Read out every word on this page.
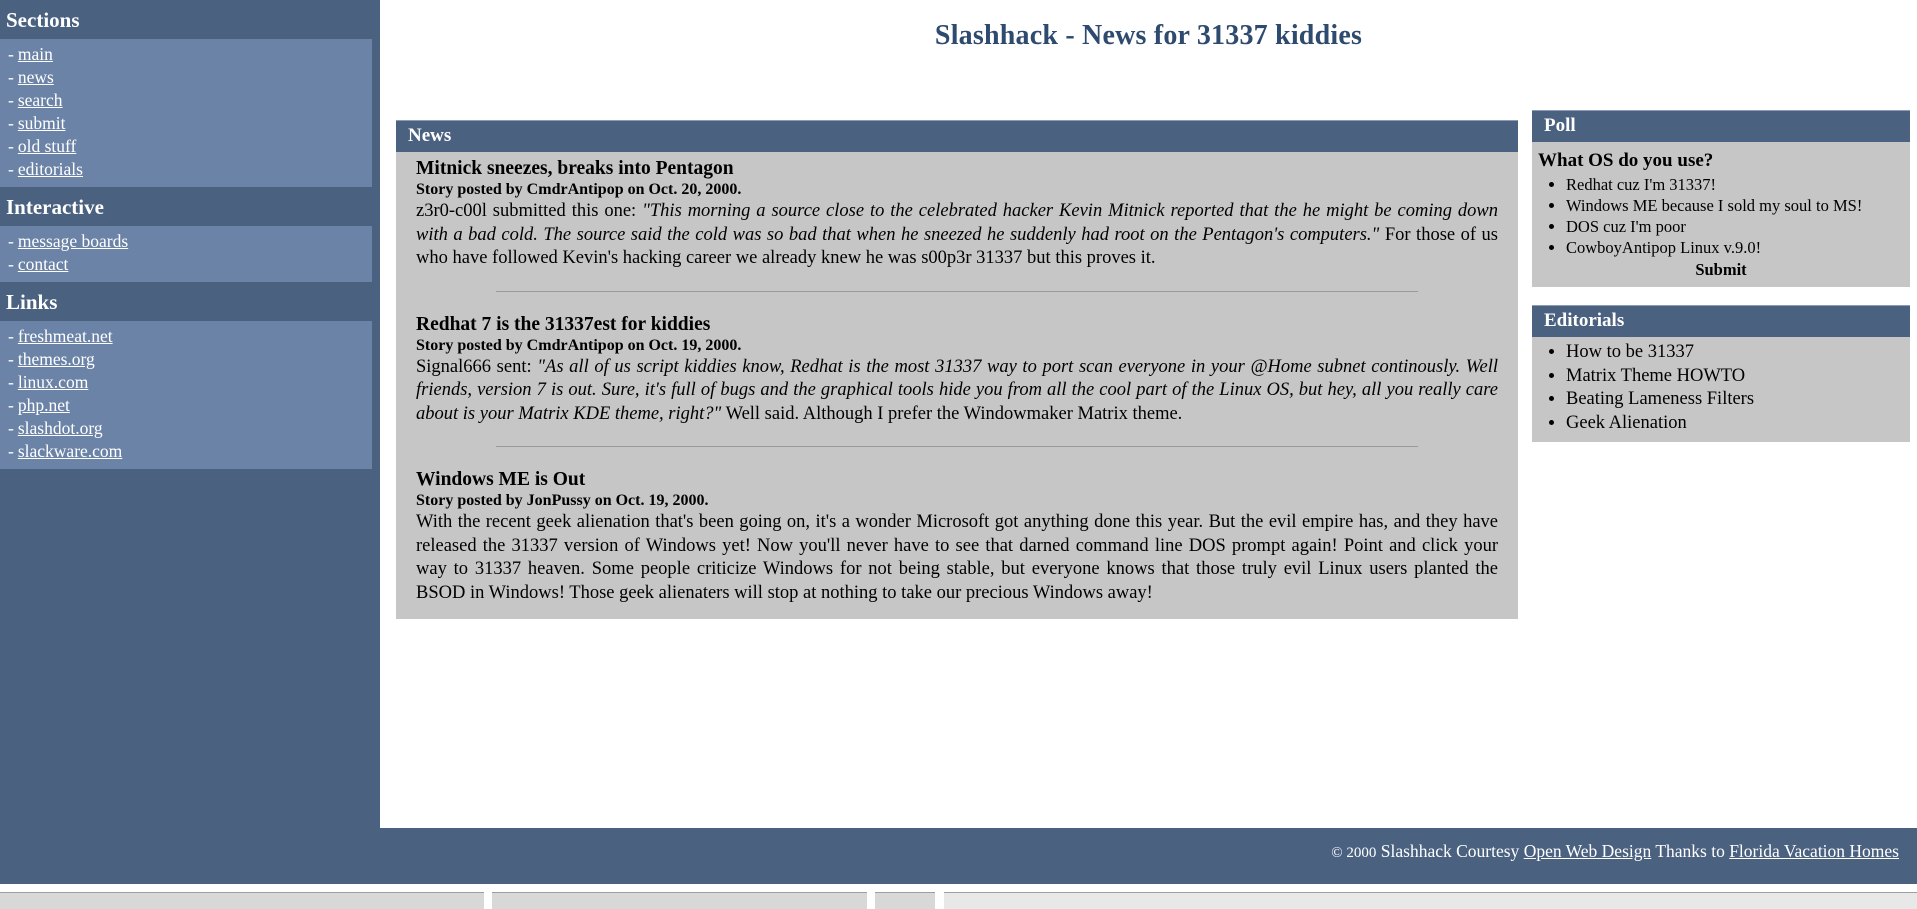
Sections
- main
- news
- search
- submit
- old stuff
- editorials
Interactive
- message boards
- contact
Links
- freshmeat.net
- themes.org
- linux.com
- php.net
- slashdot.org
- slackware.com
Slashhack - News for 31337 kiddies
News
Mitnick sneezes, breaks into Pentagon
Story posted by CmdrAntipop on Oct. 20, 2000.
z3r0-c00l submitted this one: "This morning a source close to the celebrated hacker Kevin Mitnick reported that the he might be coming down with a bad cold. The source said the cold was so bad that when he sneezed he suddenly had root on the Pentagon's computers." For those of us who have followed Kevin's hacking career we already knew he was s00p3r 31337 but this proves it.
Redhat 7 is the 31337est for kiddies
Story posted by CmdrAntipop on Oct. 19, 2000.
Signal666 sent: "As all of us script kiddies know, Redhat is the most 31337 way to port scan everyone in your @Home subnet continously. Well friends, version 7 is out. Sure, it's full of bugs and the graphical tools hide you from all the cool part of the Linux OS, but hey, all you really care about is your Matrix KDE theme, right?" Well said. Although I prefer the Windowmaker Matrix theme.
Windows ME is Out
Story posted by JonPussy on Oct. 19, 2000.
With the recent geek alienation that's been going on, it's a wonder Microsoft got anything done this year. But the evil empire has, and they have released the 31337 version of Windows yet! Now you'll never have to see that darned command line DOS prompt again! Point and click your way to 31337 heaven. Some people criticize Windows for not being stable, but everyone knows that those truly evil Linux users planted the BSOD in Windows! Those geek alienaters will stop at nothing to take our precious Windows away!
Poll
What OS do you use?
• Redhat cuz I'm 31337!
• Windows ME because I sold my soul to MS!
• DOS cuz I'm poor
• CowboyAntipop Linux v.9.0!
Submit
Editorials
• How to be 31337
• Matrix Theme HOWTO
• Beating Lameness Filters
• Geek Alienation
© 2000 Slashhack Courtesy Open Web Design Thanks to Florida Vacation Homes
